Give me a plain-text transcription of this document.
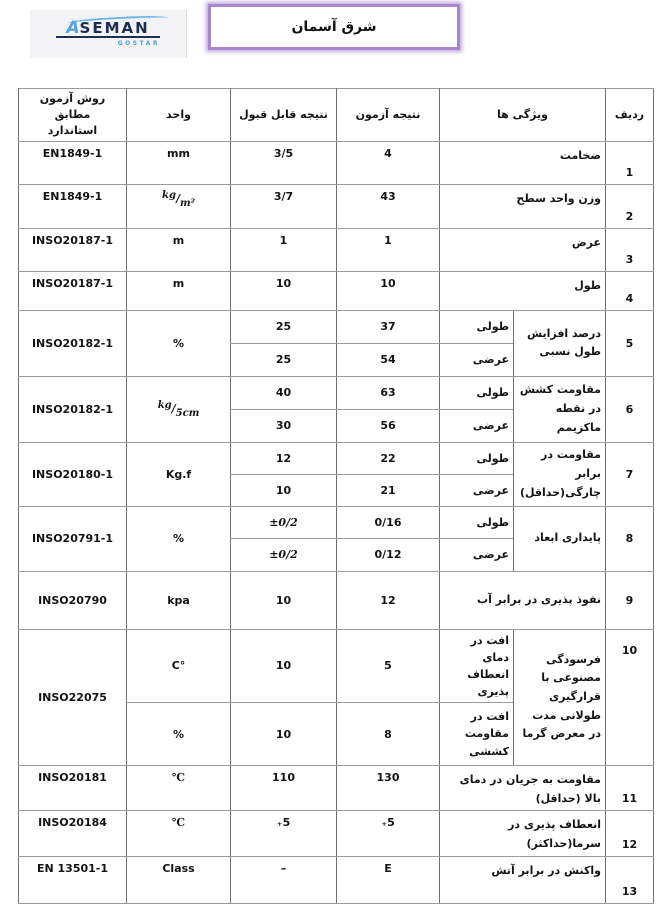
ASEMAN
GOSTAR
شرق آسمان
ردیف	ویژگی ها		نتیجه آزمون	نتیجه قابل قبول	واحد	روش آزمون مطابق
استاندارد

1	ضخامت		4	3/5	mm	EN1849-1
2	وزن واحد سطح		43	3/7	kg/m²	EN1849-1
3	عرض		1	1	m	INSO20187-1
4	طول		10	10	m	INSO20187-1
5	درصد افزایش طول نسبی	طولی	37	25	%	INSO20182-1
		عرضی	54	25		
6	مقاومت کشش در نقطه ماکزیمم	طولی	63	40	kg/5cm	INSO20182-1
		عرضی	56	30		
7	مقاومت در برابر چارگی(حداقل)	طولی	22	12	Kg.f	INSO20180-1
		عرضی	21	10		
8	پایداری ابعاد	طولی	0/16	±0/2	%	INSO20791-1
		عرضی	0/12	±0/2		
9	نفوذ پذیری در برابر آب		12	10	kpa	INSO20790
10	فرسودگی مصنوعی با قرارگیری طولانی مدت در معرض گرما	افت در دمای انعطاف پذیری	5	10	°C	INSO22075
		افت در مقاومت کششی	8	10	%	
11	مقاومت به جریان در دمای بالا (حداقل)		130	110	℃	INSO20181
12	انعطاف پذیری در سرما(حداکثر)		₊5	₊5	℃	INSO20184
13	واکنش در برابر آتش		E	–	Class	EN 13501-1
